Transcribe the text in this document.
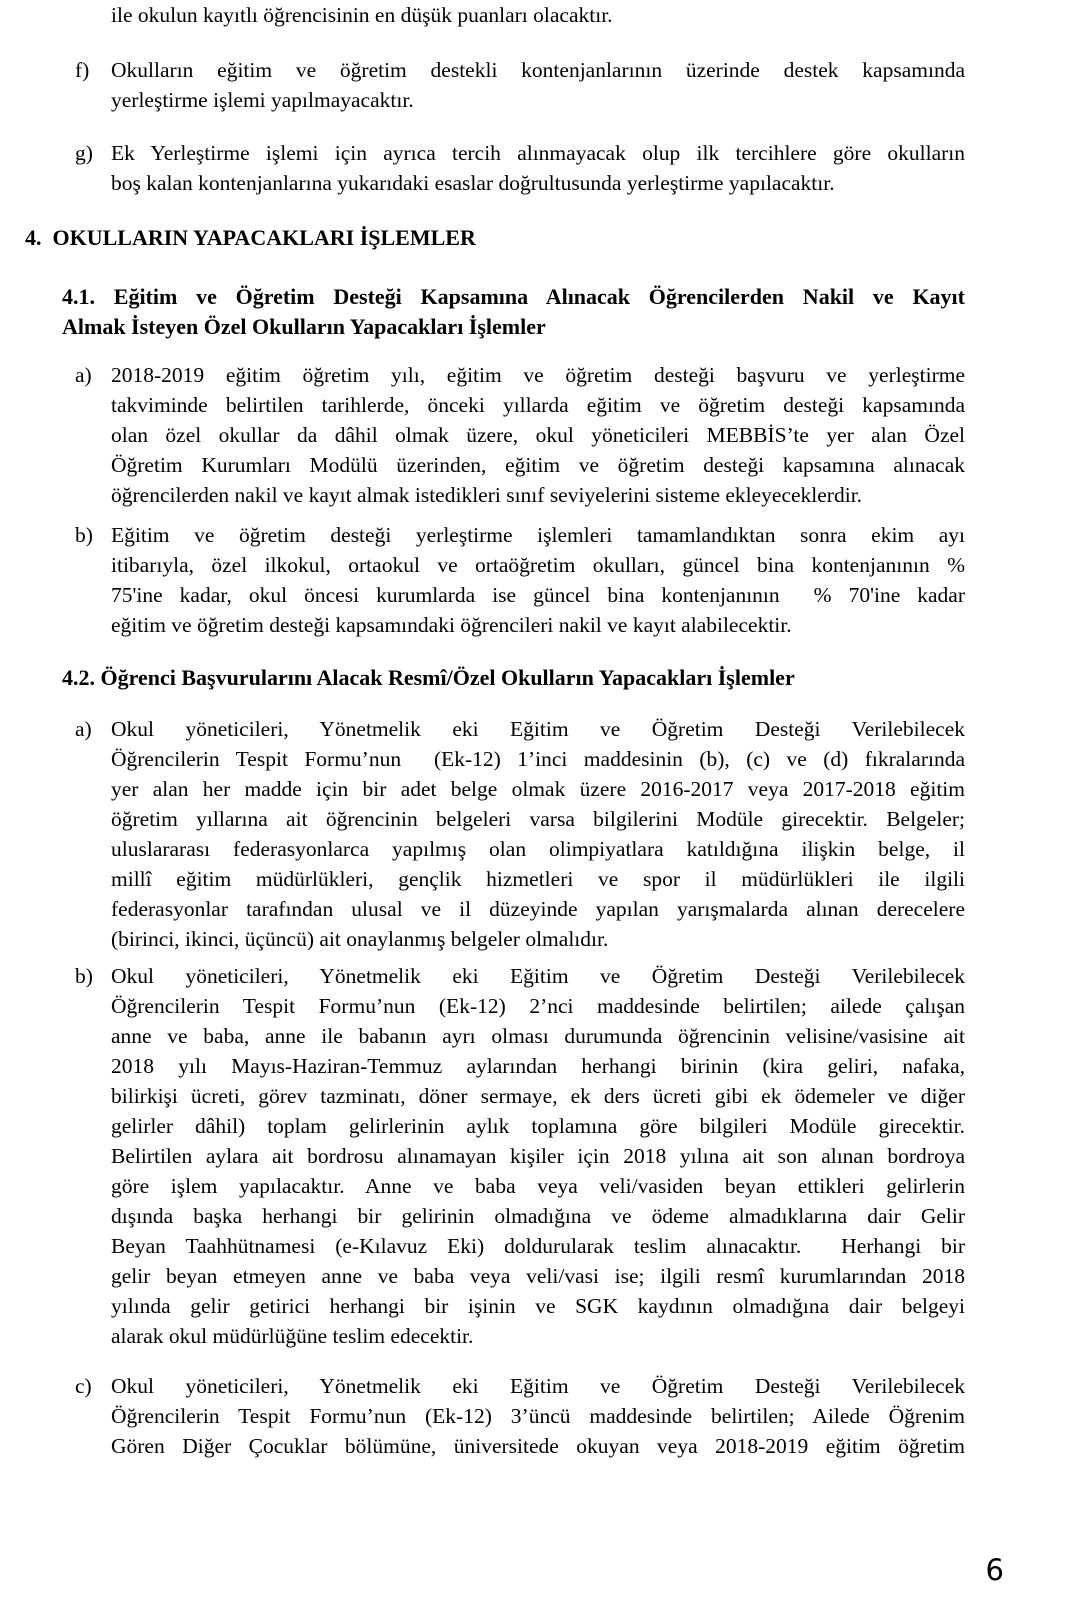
ile okulun kayıtlı öğrencisinin en düşük puanları olacaktır.
f)	Okulların eğitim ve öğretim destekli kontenjanlarının üzerinde destek kapsamında
yerleştirme işlemi yapılmayacaktır.
g) Ek Yerleştirme işlemi için ayrıca tercih alınmayacak olup ilk tercihlere göre okulların
boş kalan kontenjanlarına yukarıdaki esaslar doğrultusunda yerleştirme yapılacaktır.
4.  OKULLARIN YAPACAKLARI İŞLEMLER
4.1. Eğitim ve Öğretim Desteği Kapsamına Alınacak Öğrencilerden Nakil ve Kayıt
Almak İsteyen Özel Okulların Yapacakları İşlemler
a) 2018-2019 eğitim öğretim yılı, eğitim ve öğretim desteği başvuru ve yerleştirme
takviminde belirtilen tarihlerde, önceki yıllarda eğitim ve öğretim desteği kapsamında
olan özel okullar da dâhil olmak üzere, okul yöneticileri MEBBİS’te yer alan Özel
Öğretim Kurumları Modülü üzerinden, eğitim ve öğretim desteği kapsamına alınacak
öğrencilerden nakil ve kayıt almak istedikleri sınıf seviyelerini sisteme ekleyeceklerdir.
b) Eğitim ve öğretim desteği yerleştirme işlemleri tamamlandıktan sonra ekim ayı
itibarıyla, özel ilkokul, ortaokul ve ortaöğretim okulları, güncel bina kontenjanının %
75'ine kadar, okul öncesi kurumlarda ise güncel bina kontenjanının  % 70'ine kadar
eğitim ve öğretim desteği kapsamındaki öğrencileri nakil ve kayıt alabilecektir.
4.2. Öğrenci Başvurularını Alacak Resmî/Özel Okulların Yapacakları İşlemler
a) Okul yöneticileri, Yönetmelik eki Eğitim ve Öğretim Desteği Verilebilecek
Öğrencilerin Tespit Formu’nun  (Ek-12) 1’inci maddesinin (b), (c) ve (d) fıkralarında
yer alan her madde için bir adet belge olmak üzere 2016-2017 veya 2017-2018 eğitim
öğretim yıllarına ait öğrencinin belgeleri varsa bilgilerini Modüle girecektir. Belgeler;
uluslararası federasyonlarca yapılmış olan olimpiyatlara katıldığına ilişkin belge, il
millî eğitim müdürlükleri, gençlik hizmetleri ve spor il müdürlükleri ile ilgili
federasyonlar tarafından ulusal ve il düzeyinde yapılan yarışmalarda alınan derecelere
(birinci, ikinci, üçüncü) ait onaylanmış belgeler olmalıdır.
b) Okul yöneticileri, Yönetmelik eki Eğitim ve Öğretim Desteği Verilebilecek
Öğrencilerin Tespit Formu’nun (Ek-12) 2’nci maddesinde belirtilen; ailede çalışan
anne ve baba, anne ile babanın ayrı olması durumunda öğrencinin velisine/vasisine ait
2018 yılı Mayıs-Haziran-Temmuz aylarından herhangi birinin (kira geliri, nafaka,
bilirkişi ücreti, görev tazminatı, döner sermaye, ek ders ücreti gibi ek ödemeler ve diğer
gelirler dâhil) toplam gelirlerinin aylık toplamına göre bilgileri Modüle girecektir.
Belirtilen aylara ait bordrosu alınamayan kişiler için 2018 yılına ait son alınan bordroya
göre işlem yapılacaktır. Anne ve baba veya veli/vasiden beyan ettikleri gelirlerin
dışında başka herhangi bir gelirinin olmadığına ve ödeme almadıklarına dair Gelir
Beyan Taahhütnamesi (e-Kılavuz Eki) doldurularak teslim alınacaktır.  Herhangi bir
gelir beyan etmeyen anne ve baba veya veli/vasi ise; ilgili resmî kurumlarından 2018
yılında gelir getirici herhangi bir işinin ve SGK kaydının olmadığına dair belgeyi
alarak okul müdürlüğüne teslim edecektir.
c) Okul yöneticileri, Yönetmelik eki Eğitim ve Öğretim Desteği Verilebilecek
Öğrencilerin Tespit Formu’nun (Ek-12) 3’üncü maddesinde belirtilen; Ailede Öğrenim
Gören Diğer Çocuklar bölümüne, üniversitede okuyan veya 2018-2019 eğitim öğretim
6
